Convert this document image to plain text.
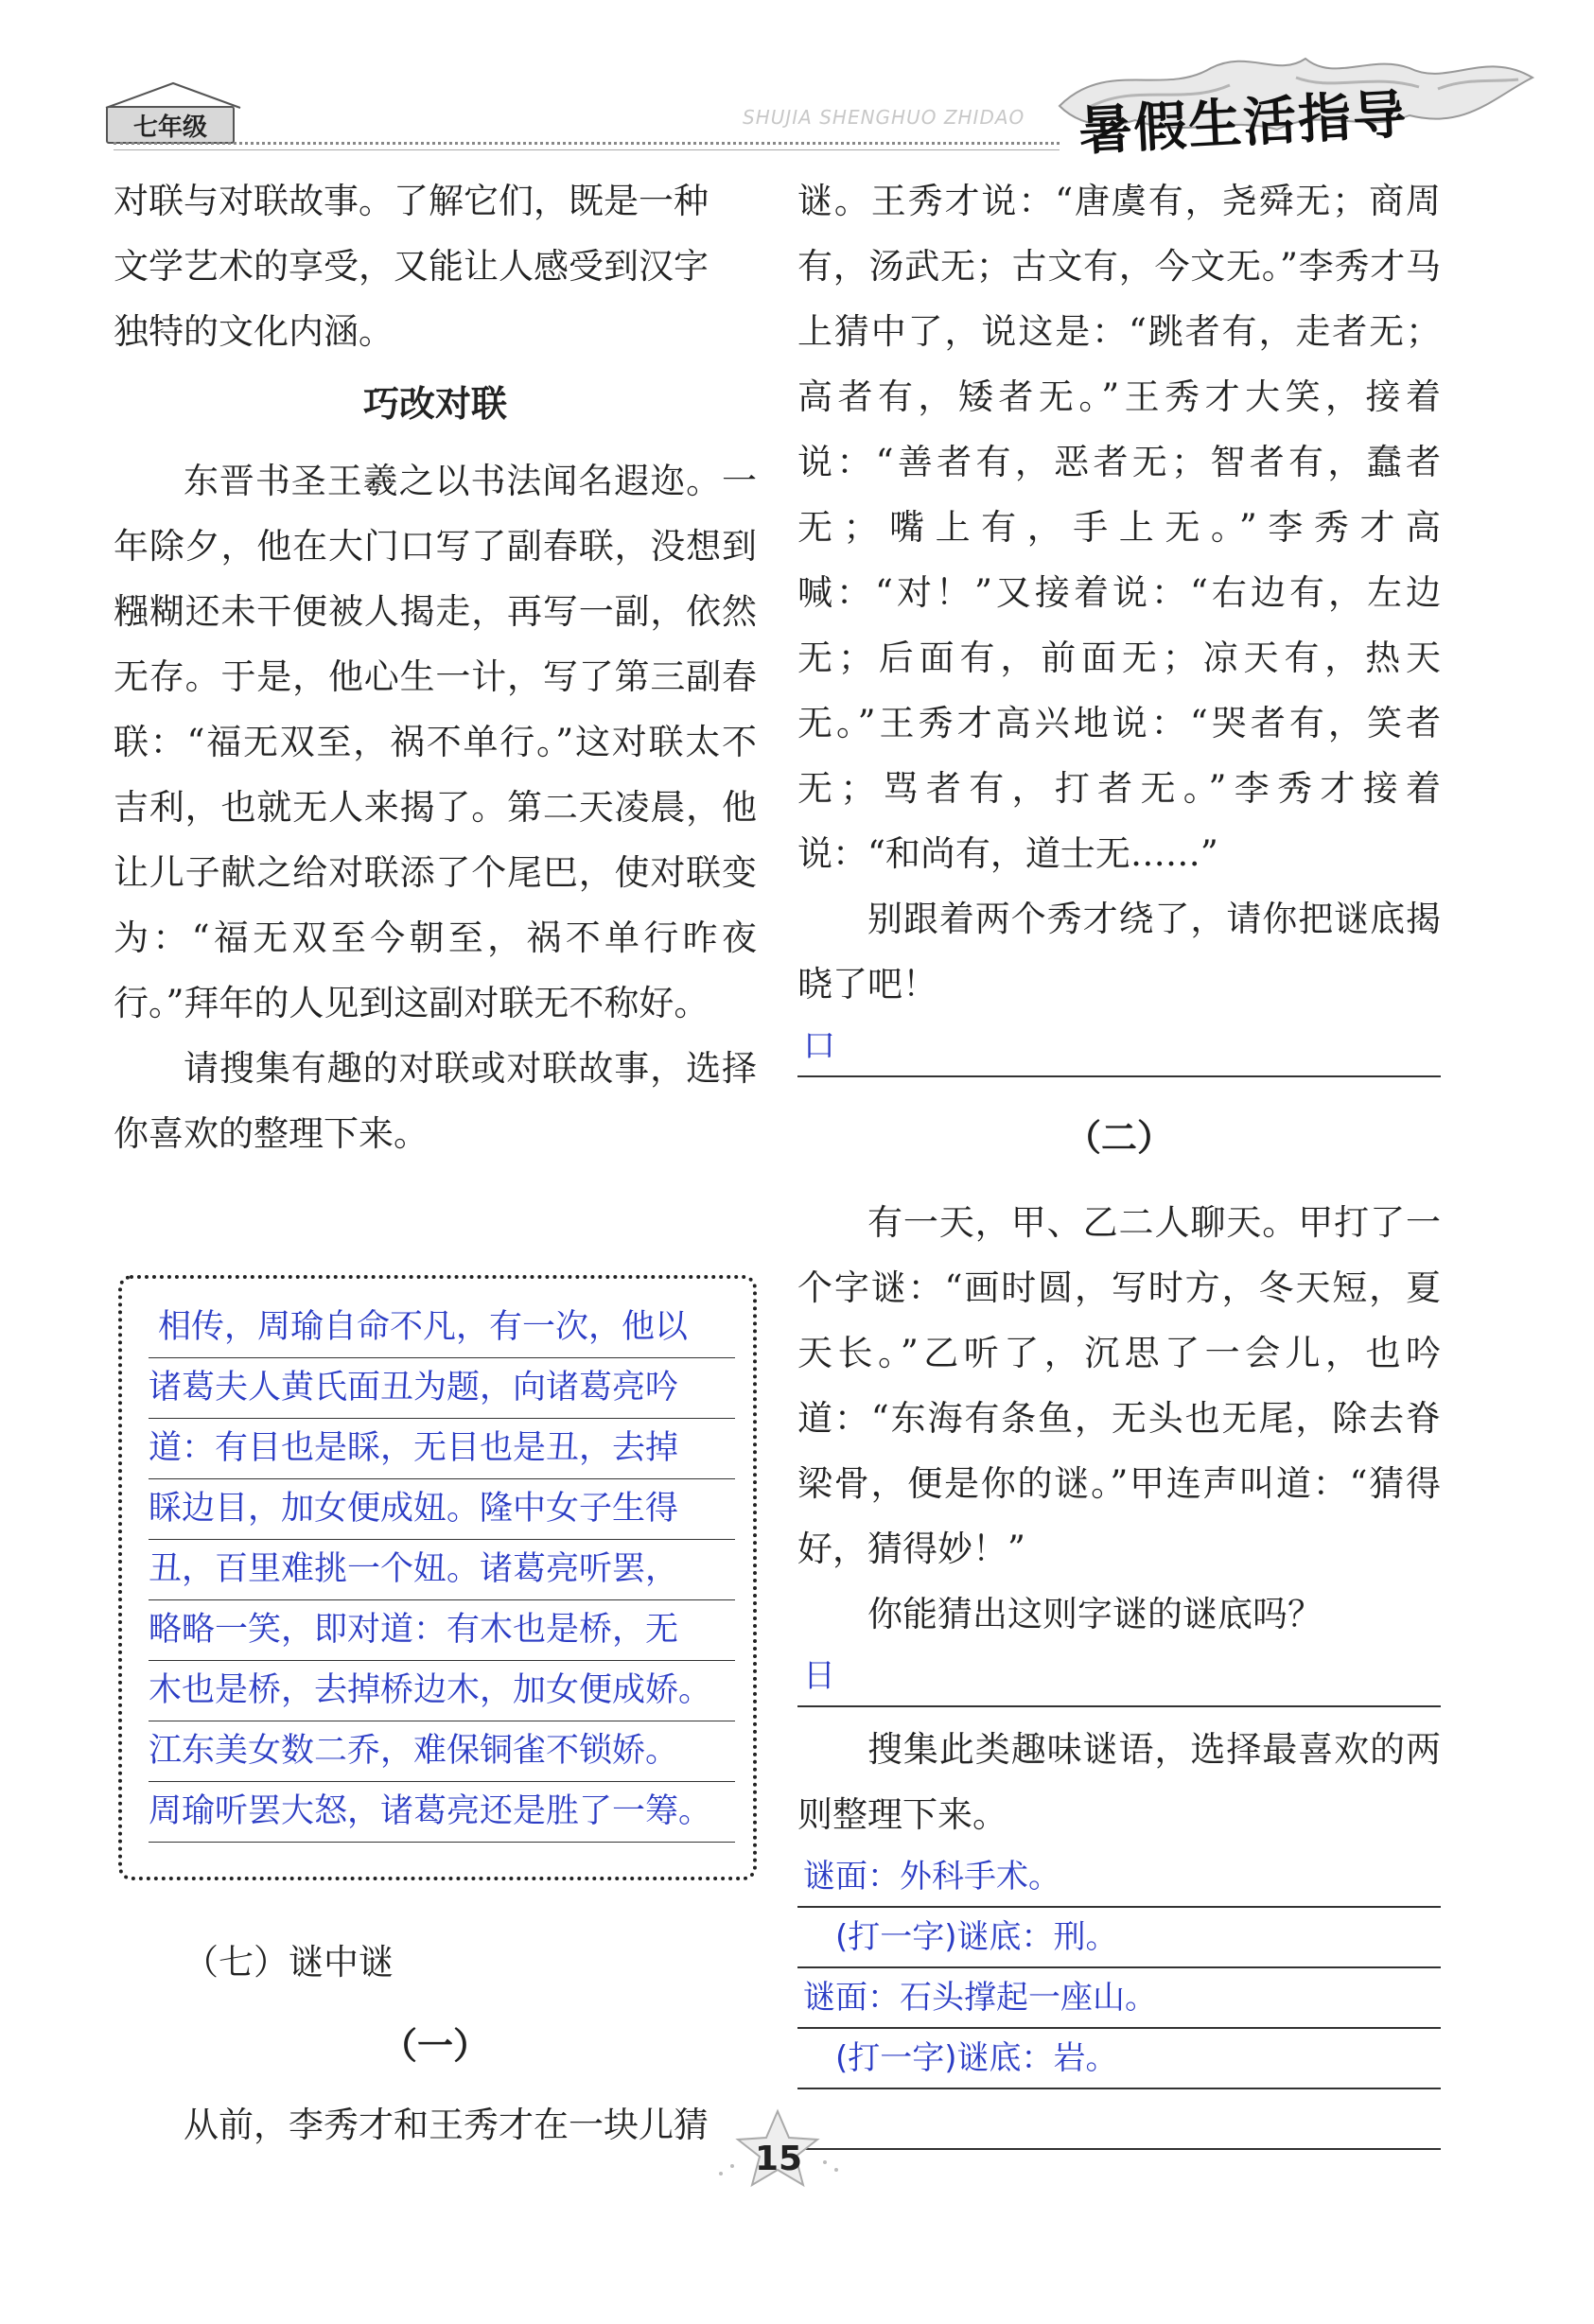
七年级	SHUJIA SHENGHUO ZHIDAO 暑假生活指导

对联与对联故事。了解它们，既是一种

文学艺术的享受，又能让人感受到汉字

独特的文化内涵。

巧改对联

东晋书圣王羲之以书法闻名遐迩。一年除夕，他在大门口写了副春联，没想到糨糊还未干便被人揭走，再写一副，依然无存。于是，他心生一计，写了第三副春联：“福无双至，祸不单行。”这对联太不吉利，也就无人来揭了。第二天凌晨，他让儿子献之给对联添了个尾巴，使对联变为：“福无双至今朝至，祸不单行昨夜行。”拜年的人见到这副对联无不称好。

请搜集有趣的对联或对联故事，选择你喜欢的整理下来。

相传，周瑜自命不凡，有一次，他以
诸葛夫人黄氏面丑为题，向诸葛亮吟
道：有目也是睬，无目也是丑，去掉
睬边目，加女便成妞。隆中女子生得
丑，百里难挑一个妞。诸葛亮听罢，
略略一笑，即对道：有木也是桥，无
木也是桥，去掉桥边木，加女便成娇。
江东美女数二乔，难保铜雀不锁娇。
周瑜听罢大怒，诸葛亮还是胜了一筹。

（七）谜中谜

（一）

从前，李秀才和王秀才在一块儿猜

谜。王秀才说：“唐虞有，尧舜无；商周有，汤武无；古文有，今文无。”李秀才马上猜中了，说这是：“跳者有，走者无；高者有，矮者无。”王秀才大笑，接着说：“善者有，恶者无；智者有，蠢者无；嘴上有，手上无。”李秀才高喊：“对！”又接着说：“右边有，左边无；后面有，前面无；凉天有，热天无。”王秀才高兴地说：“哭者有，笑者无；骂者有，打者无。”李秀才接着说：“和尚有，道士无……”

别跟着两个秀才绕了，请你把谜底揭晓了吧！

口

（二）

有一天，甲、乙二人聊天。甲打了一个字谜：“画时圆，写时方，冬天短，夏天长。”乙听了，沉思了一会儿，也吟道：“东海有条鱼，无头也无尾，除去脊梁骨，便是你的谜。”甲连声叫道：“猜得好，猜得妙！”

你能猜出这则字谜的谜底吗？

日

搜集此类趣味谜语，选择最喜欢的两则整理下来。

谜面：外科手术。
(打一字)谜底：刑。
谜面：石头撑起一座山。
(打一字)谜底：岩。
15
